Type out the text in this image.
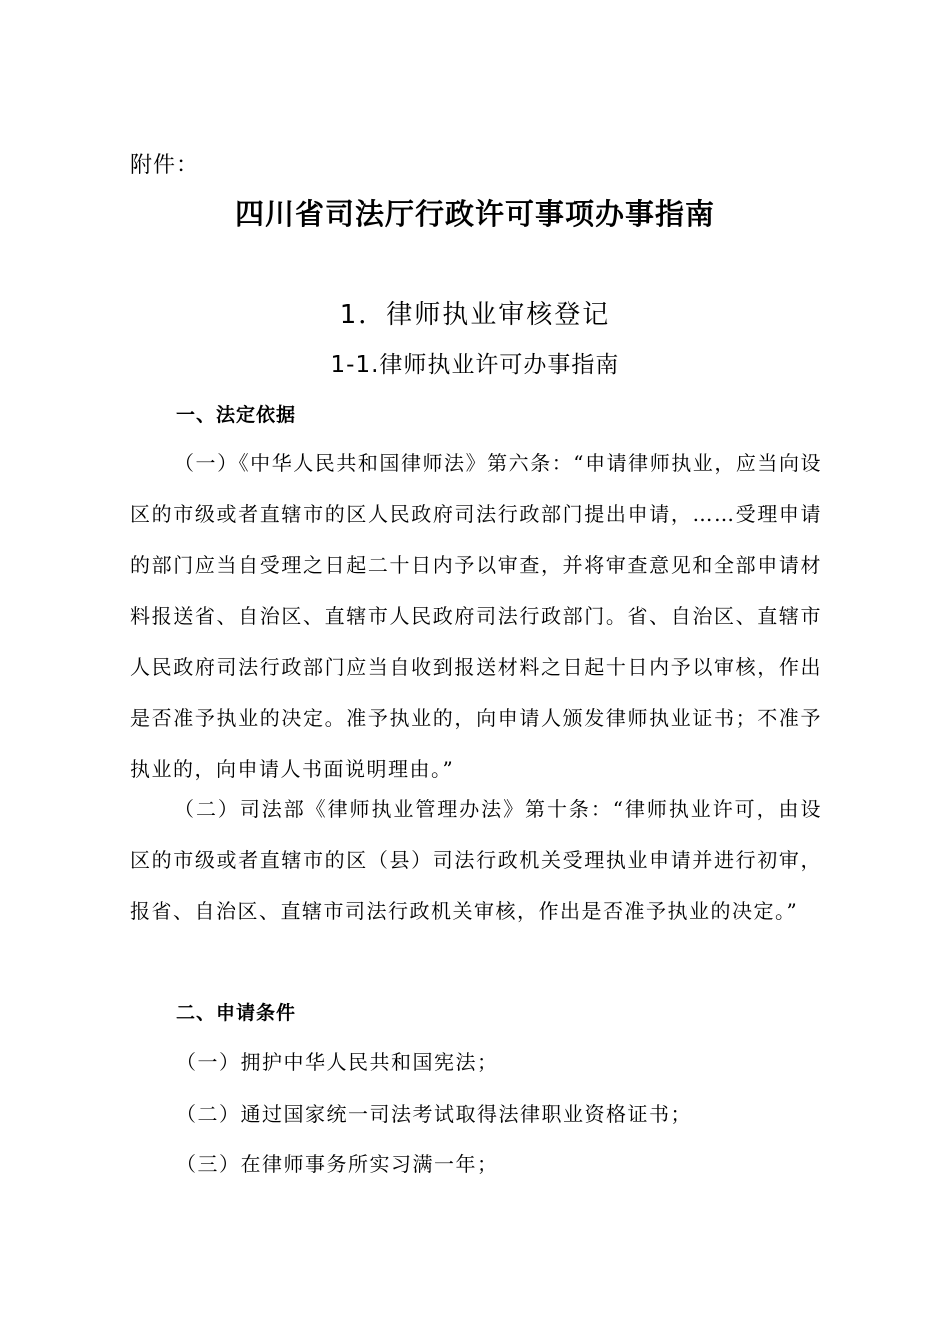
附件：
四川省司法厅行政许可事项办事指南
1．律师执业审核登记
1-1.律师执业许可办事指南
一、法定依据
（一）《中华人民共和国律师法》第六条：“申请律师执业，应当向设区的市级或者直辖市的区人民政府司法行政部门提出申请，……受理申请的部门应当自受理之日起二十日内予以审查，并将审查意见和全部申请材料报送省、自治区、直辖市人民政府司法行政部门。省、自治区、直辖市人民政府司法行政部门应当自收到报送材料之日起十日内予以审核，作出是否准予执业的决定。准予执业的，向申请人颁发律师执业证书；不准予执业的，向申请人书面说明理由。”
（二）司法部《律师执业管理办法》第十条：“律师执业许可，由设区的市级或者直辖市的区（县）司法行政机关受理执业申请并进行初审，报省、自治区、直辖市司法行政机关审核，作出是否准予执业的决定。”
二、申请条件
（一）拥护中华人民共和国宪法；
（二）通过国家统一司法考试取得法律职业资格证书；
（三）在律师事务所实习满一年；
